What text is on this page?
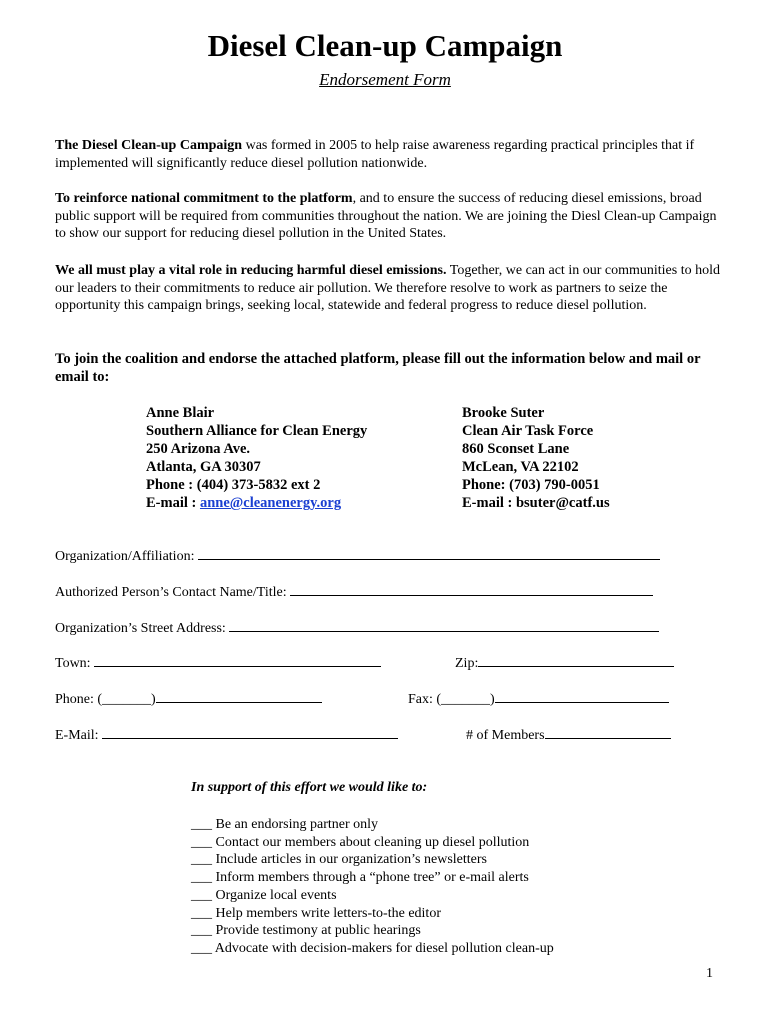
Diesel Clean-up Campaign
Endorsement Form
The Diesel Clean-up Campaign was formed in 2005 to help raise awareness regarding practical principles that if implemented will significantly reduce diesel pollution nationwide.
To reinforce national commitment to the platform, and to ensure the success of reducing diesel emissions, broad public support will be required from communities throughout the nation. We are joining the Diesl Clean-up Campaign to show our support for reducing diesel pollution in the United States.
We all must play a vital role in reducing harmful diesel emissions. Together, we can act in our communities to hold our leaders to their commitments to reduce air pollution. We therefore resolve to work as partners to seize the opportunity this campaign brings, seeking local, statewide and federal progress to reduce diesel pollution.
To join the coalition and endorse the attached platform, please fill out the information below and mail or email to:
Anne Blair
Southern Alliance for Clean Energy
250 Arizona Ave.
Atlanta, GA 30307
Phone : (404) 373-5832 ext 2
E-mail : anne@cleanenergy.org
Brooke Suter
Clean Air Task Force
860 Sconset Lane
McLean, VA 22102
Phone: (703) 790-0051
E-mail : bsuter@catf.us
Organization/Affiliation:
Authorized Person’s Contact Name/Title:
Organization’s Street Address:
Town:	Zip:
Phone: (_______)	Fax: (_______)
E-Mail:	# of Members
In support of this effort we would like to:
___ Be an endorsing partner only
___ Contact our members about cleaning up diesel pollution
___ Include articles in our organization’s newsletters
___ Inform members through a “phone tree” or e-mail alerts
___ Organize local events
___ Help members write letters-to-the editor
___ Provide testimony at public hearings
___ Advocate with decision-makers for diesel pollution clean-up
1
